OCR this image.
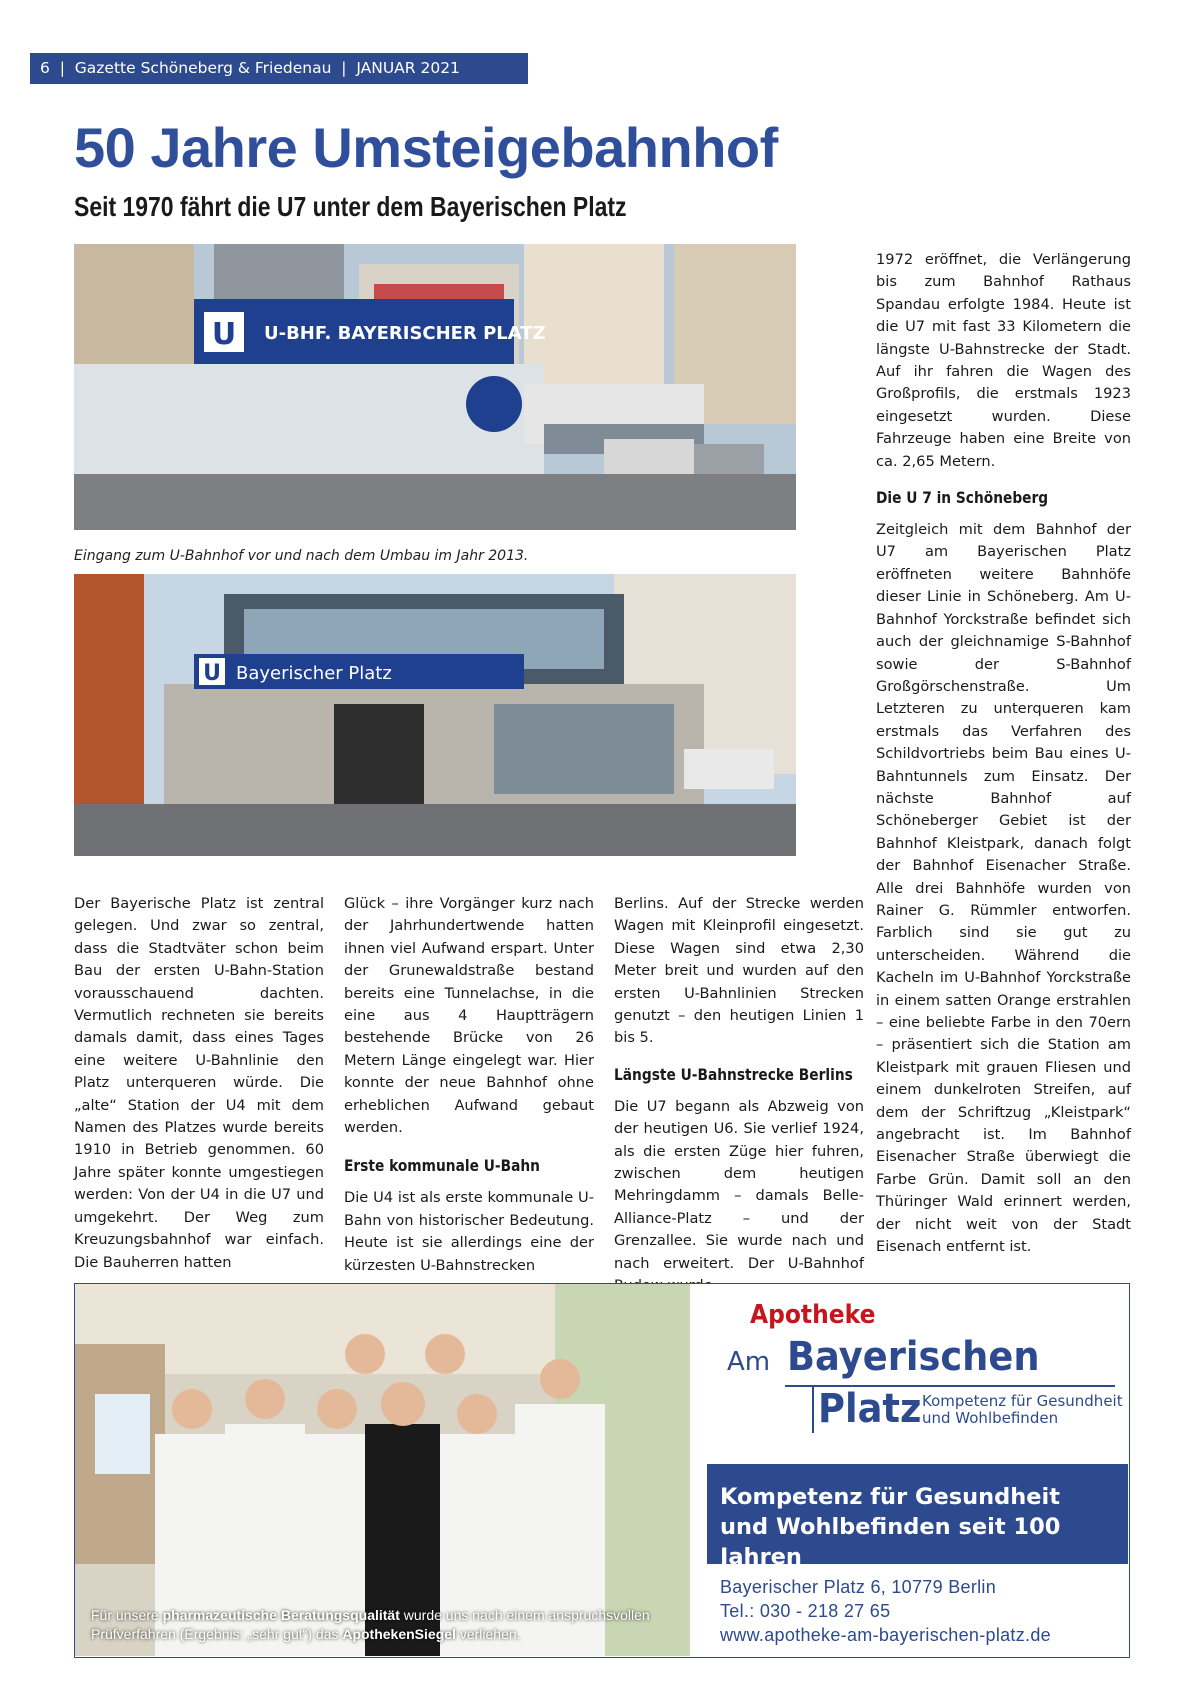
6  |  Gazette Schöneberg & Friedenau  |  JANUAR 2021
50 Jahre Umsteigebahnhof
Seit 1970 fährt die U7 unter dem Bayerischen Platz
U U-BHF. BAYERISCHER PLATZ

Eingang zum U-Bahnhof vor und nach dem Umbau im Jahr 2013.

U Bayerischer Platz

Der Bayerische Platz ist zentral gelegen. Und zwar so zentral, dass die Stadtväter schon beim Bau der ersten U-Bahn-Station vorausschauend dachten. Vermutlich rechneten sie bereits damals damit, dass eines Tages eine weitere U-Bahnlinie den Platz unterqueren würde. Die „alte“ Station der U4 mit dem Namen des Platzes wurde bereits 1910 in Betrieb genommen. 60 Jahre später konnte umgestiegen werden: Von der U4 in die U7 und umgekehrt. Der Weg zum Kreuzungsbahnhof war einfach. Die Bauherren hatten

Glück – ihre Vorgänger kurz nach der Jahrhundertwende hatten ihnen viel Aufwand erspart. Unter der Grunewaldstraße bestand bereits eine Tunnelachse, in die eine aus 4 Hauptträgern bestehende Brücke von 26 Metern Länge eingelegt war. Hier konnte der neue Bahnhof ohne erheblichen Aufwand gebaut werden.

Erste kommunale U-Bahn

Die U4 ist als erste kommunale U-Bahn von historischer Bedeutung. Heute ist sie allerdings eine der kürzesten U-Bahnstrecken

Berlins. Auf der Strecke werden Wagen mit Kleinprofil eingesetzt. Diese Wagen sind etwa 2,30 Meter breit und wurden auf den ersten U-Bahnlinien Strecken genutzt – den heutigen Linien 1 bis 5.

Längste U-Bahnstrecke Berlins

Die U7 begann als Abzweig von der heutigen U6. Sie verlief 1924, als die ersten Züge hier fuhren, zwischen dem heutigen Mehringdamm – damals Belle-Alliance-Platz – und der Grenzallee. Sie wurde nach und nach erweitert. Der U-Bahnhof

1972 eröffnet, die Verlängerung bis zum Bahnhof Rathaus Spandau erfolgte 1984. Heute ist die U7 mit fast 33 Kilometern die längste U-Bahnstrecke der Stadt. Auf ihr fahren die Wagen des Großprofils, die erstmals 1923 eingesetzt wurden. Diese Fahrzeuge haben eine Breite von ca. 2,65 Metern.

Die U 7 in Schöneberg

Zeitgleich mit dem Bahnhof der U7 am Bayerischen Platz eröffneten weitere Bahnhöfe dieser Linie in Schöneberg. Am U-Bahnhof Yorckstraße befindet sich auch der gleichnamige S-Bahnhof sowie der S-Bahnhof Großgörschenstraße. Um Letzteren zu unterqueren kam erstmals das Verfahren des Schildvortriebs beim Bau eines U-Bahntunnels zum Einsatz. Der nächste Bahnhof auf Schöneberger Gebiet ist der Bahnhof Kleistpark, danach folgt der Bahnhof Eisenacher Straße. Alle drei Bahnhöfe wurden von Rainer G. Rümmler entworfen. Farblich sind sie gut zu unterscheiden. Während die Kacheln im U-Bahnhof Yorckstraße in einem satten Orange erstrahlen – eine beliebte Farbe in den 70ern – präsentiert sich die Station am Kleistpark mit grauen Fliesen und einem dunkelroten Streifen, auf dem der Schriftzug „Kleistpark“ angebracht ist. Im Bahnhof Eisenacher Straße überwiegt die Farbe Grün. Damit soll an den Thüringer Wald erinnert werden, der nicht weit von der Stadt Eisenach entfernt ist.

Für unsere pharmazeutische Beratungsqualität wurde uns nach einem anspruchsvollen Prüfverfahren (Ergebnis: „sehr gut“) das ApothekenSiegel verliehen.
Apotheke
Am Bayerischen
Platz Kompetenz für Gesundheit
und Wohlbefinden
Kompetenz für Gesundheit
und Wohlbefinden seit 100 Jahren
Bayerischer Platz 6, 10779 Berlin
Tel.: 030 - 218 27 65
www.apotheke-am-bayerischen-platz.de
